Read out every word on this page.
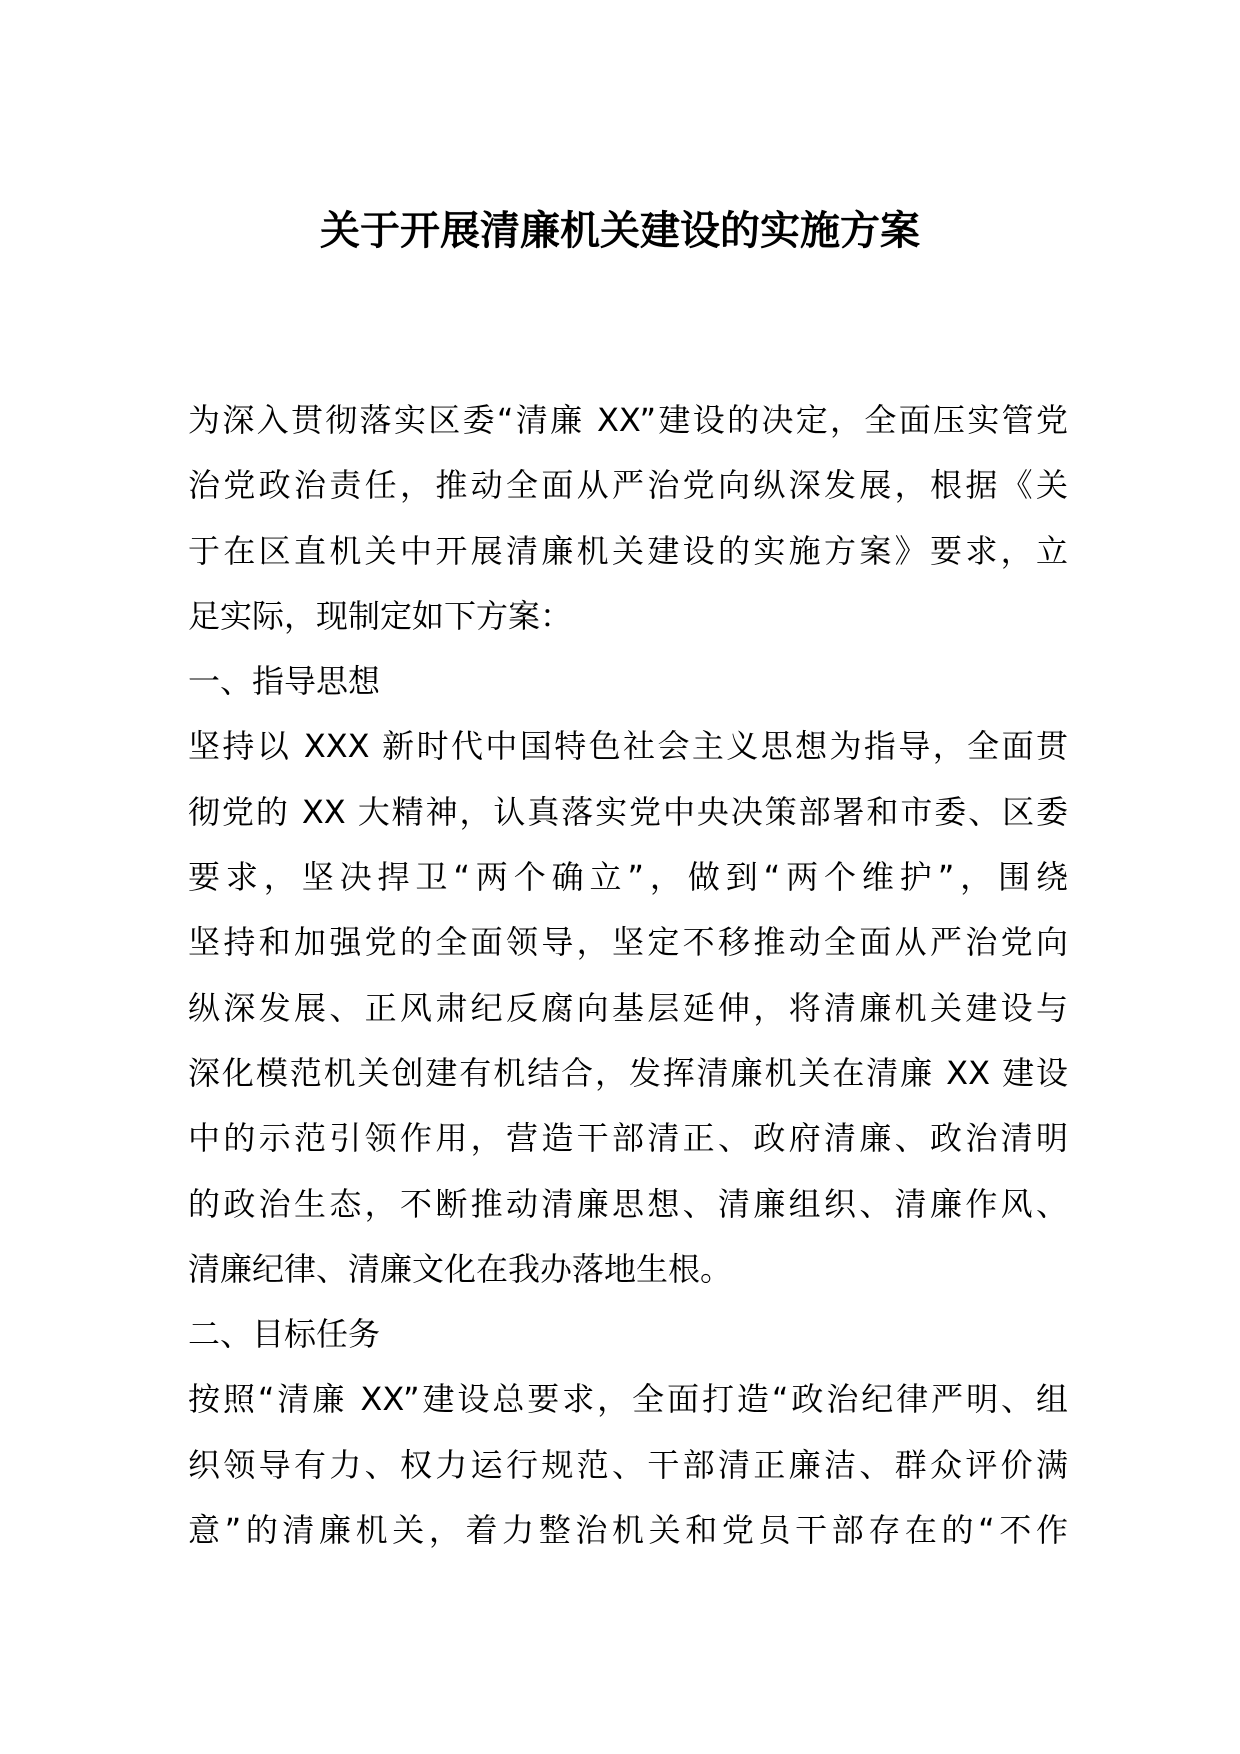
关于开展清廉机关建设的实施方案
为深入贯彻落实区委“清廉 XX”建设的决定，全面压实管党
治党政治责任，推动全面从严治党向纵深发展，根据《关
于在区直机关中开展清廉机关建设的实施方案》要求，立
足实际，现制定如下方案：
一、指导思想
坚持以 XXX 新时代中国特色社会主义思想为指导，全面贯
彻党的 XX 大精神，认真落实党中央决策部署和市委、区委
要求，坚决捍卫“两个确立”，做到“两个维护”，围绕
坚持和加强党的全面领导，坚定不移推动全面从严治党向
纵深发展、正风肃纪反腐向基层延伸，将清廉机关建设与
深化模范机关创建有机结合，发挥清廉机关在清廉 XX 建设
中的示范引领作用，营造干部清正、政府清廉、政治清明
的政治生态，不断推动清廉思想、清廉组织、清廉作风、
清廉纪律、清廉文化在我办落地生根。
二、目标任务
按照“清廉 XX”建设总要求，全面打造“政治纪律严明、组
织领导有力、权力运行规范、干部清正廉洁、群众评价满
意”的清廉机关，着力整治机关和党员干部存在的“不作
